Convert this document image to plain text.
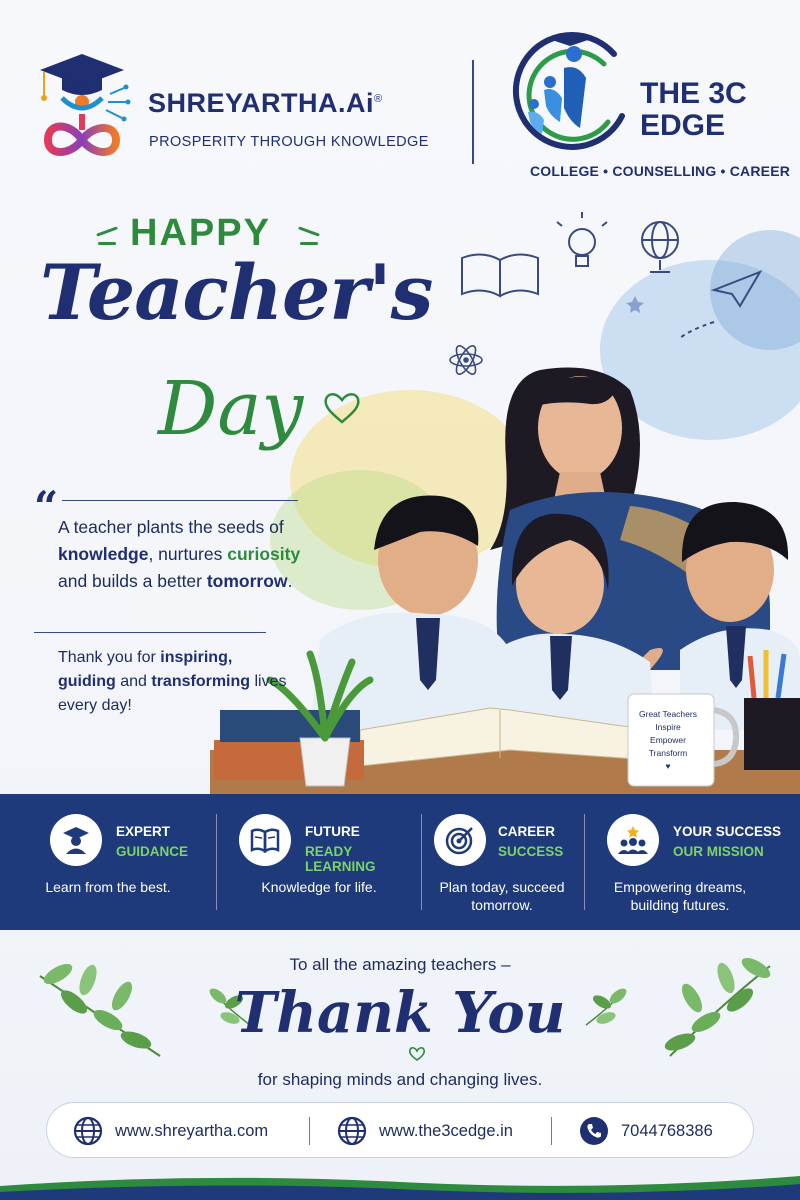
SHREYARTHA.Ai®
PROSPERITY THROUGH KNOWLEDGE
THE 3C
EDGE
COLLEGE • COUNSELLING • CAREER
Great Teachers
Inspire
Empower
Transform
♥
HAPPY
Teacher's
Day
“ A teacher plants the seeds of knowledge, nurtures curiosity and builds a better tomorrow.
Thank you for inspiring,
guiding and transforming lives every day!
EXPERT
GUIDANCE
Learn from the best.
FUTURE
READY LEARNING
Knowledge for life.
CAREER
SUCCESS
Plan today, succeed tomorrow.
YOUR SUCCESS
OUR MISSION
Empowering dreams, building futures.
To all the amazing teachers –
Thank You
for shaping minds and changing lives.
www.shreyartha.com	www.the3cedge.in	7044768386
